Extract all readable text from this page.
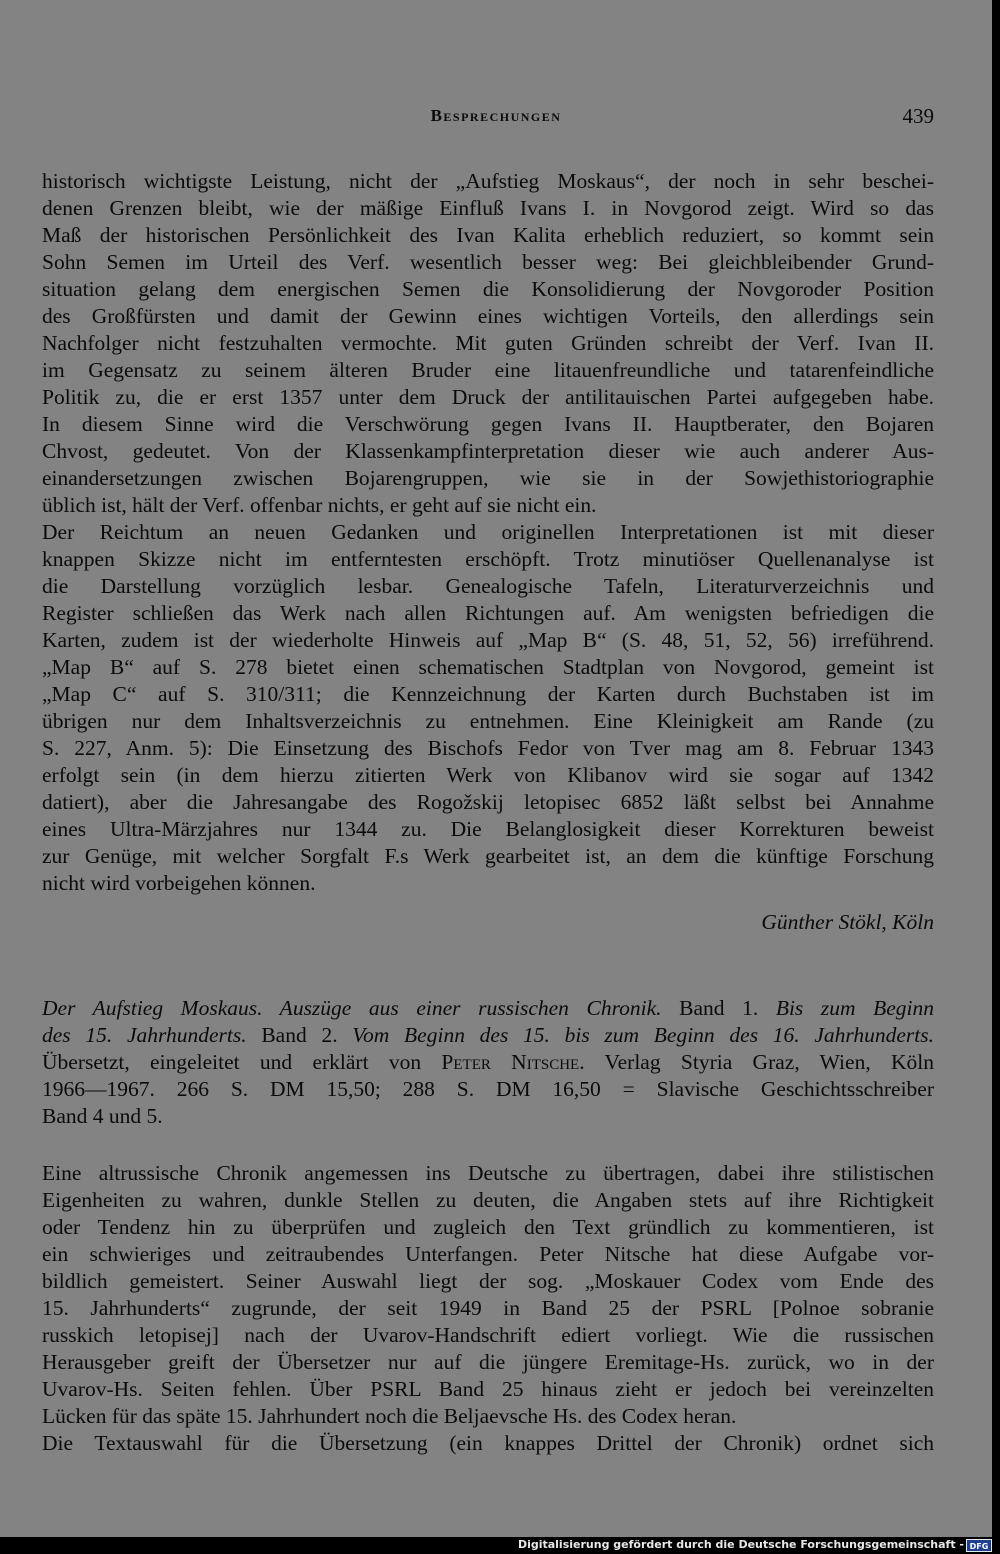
Besprechungen	439
historisch wichtigste Leistung, nicht der „Aufstieg Moskaus“, der noch in sehr beschei-
denen Grenzen bleibt, wie der mäßige Einfluß Ivans I. in Novgorod zeigt. Wird so das
Maß der historischen Persönlichkeit des Ivan Kalita erheblich reduziert, so kommt sein
Sohn Semen im Urteil des Verf. wesentlich besser weg: Bei gleichbleibender Grund-
situation gelang dem energischen Semen die Konsolidierung der Novgoroder Position
des Großfürsten und damit der Gewinn eines wichtigen Vorteils, den allerdings sein
Nachfolger nicht festzuhalten vermochte. Mit guten Gründen schreibt der Verf. Ivan II.
im Gegensatz zu seinem älteren Bruder eine litauenfreundliche und tatarenfeindliche
Politik zu, die er erst 1357 unter dem Druck der antilitauischen Partei aufgegeben habe.
In diesem Sinne wird die Verschwörung gegen Ivans II. Hauptberater, den Bojaren
Chvost, gedeutet. Von der Klassenkampfinterpretation dieser wie auch anderer Aus-
einandersetzungen zwischen Bojarengruppen, wie sie in der Sowjethistoriographie
üblich ist, hält der Verf. offenbar nichts, er geht auf sie nicht ein.
Der Reichtum an neuen Gedanken und originellen Interpretationen ist mit dieser
knappen Skizze nicht im entferntesten erschöpft. Trotz minutiöser Quellenanalyse ist
die Darstellung vorzüglich lesbar. Genealogische Tafeln, Literaturverzeichnis und
Register schließen das Werk nach allen Richtungen auf. Am wenigsten befriedigen die
Karten, zudem ist der wiederholte Hinweis auf „Map B“ (S. 48, 51, 52, 56) irreführend.
„Map B“ auf S. 278 bietet einen schematischen Stadtplan von Novgorod, gemeint ist
„Map C“ auf S. 310/311; die Kennzeichnung der Karten durch Buchstaben ist im
übrigen nur dem Inhaltsverzeichnis zu entnehmen. Eine Kleinigkeit am Rande (zu
S. 227, Anm. 5): Die Einsetzung des Bischofs Fedor von Tver mag am 8. Februar 1343
erfolgt sein (in dem hierzu zitierten Werk von Klibanov wird sie sogar auf 1342
datiert), aber die Jahresangabe des Rogožskij letopisec 6852 läßt selbst bei Annahme
eines Ultra-Märzjahres nur 1344 zu. Die Belanglosigkeit dieser Korrekturen beweist
zur Genüge, mit welcher Sorgfalt F.s Werk gearbeitet ist, an dem die künftige Forschung
nicht wird vorbeigehen können.
Günther Stökl, Köln
Der Aufstieg Moskaus. Auszüge aus einer russischen Chronik. Band 1. Bis zum Beginn
des 15. Jahrhunderts. Band 2. Vom Beginn des 15. bis zum Beginn des 16. Jahrhunderts.
Übersetzt, eingeleitet und erklärt von Peter Nitsche. Verlag Styria Graz, Wien, Köln
1966—1967. 266 S. DM 15,50; 288 S. DM 16,50 = Slavische Geschichtsschreiber
Band 4 und 5.
Eine altrussische Chronik angemessen ins Deutsche zu übertragen, dabei ihre stilistischen
Eigenheiten zu wahren, dunkle Stellen zu deuten, die Angaben stets auf ihre Richtigkeit
oder Tendenz hin zu überprüfen und zugleich den Text gründlich zu kommentieren, ist
ein schwieriges und zeitraubendes Unterfangen. Peter Nitsche hat diese Aufgabe vor-
bildlich gemeistert. Seiner Auswahl liegt der sog. „Moskauer Codex vom Ende des
15. Jahrhunderts“ zugrunde, der seit 1949 in Band 25 der PSRL [Polnoe sobranie
russkich letopisej] nach der Uvarov-Handschrift ediert vorliegt. Wie die russischen
Herausgeber greift der Übersetzer nur auf die jüngere Eremitage-Hs. zurück, wo in der
Uvarov-Hs. Seiten fehlen. Über PSRL Band 25 hinaus zieht er jedoch bei vereinzelten
Lücken für das späte 15. Jahrhundert noch die Beljaevsche Hs. des Codex heran.
Die Textauswahl für die Übersetzung (ein knappes Drittel der Chronik) ordnet sich
Digitalisierung gefördert durch die Deutsche Forschungsgemeinschaft - DFG
